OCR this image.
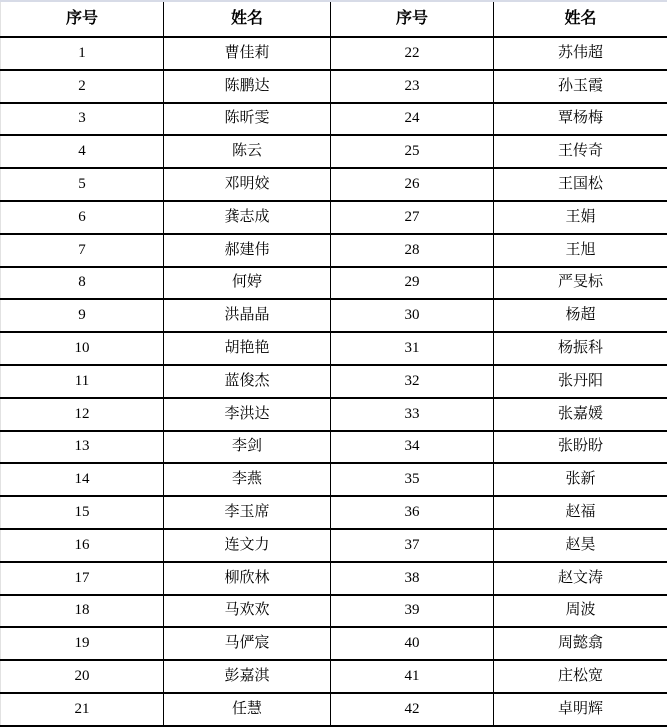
序号	姓名	序号	姓名
1	曹佳莉	22	苏伟超
2	陈鹏达	23	孙玉霞
3	陈昕雯	24	覃杨梅
4	陈云	25	王传奇
5	邓明姣	26	王国松
6	龚志成	27	王娟
7	郝建伟	28	王旭
8	何婷	29	严旻标
9	洪晶晶	30	杨超
10	胡艳艳	31	杨振科
11	蓝俊杰	32	张丹阳
12	李洪达	33	张嘉媛
13	李剑	34	张盼盼
14	李燕	35	张新
15	李玉席	36	赵福
16	连文力	37	赵昊
17	柳欣林	38	赵文涛
18	马欢欢	39	周波
19	马俨宸	40	周懿翕
20	彭嘉淇	41	庄松宽
21	任慧	42	卓明辉
